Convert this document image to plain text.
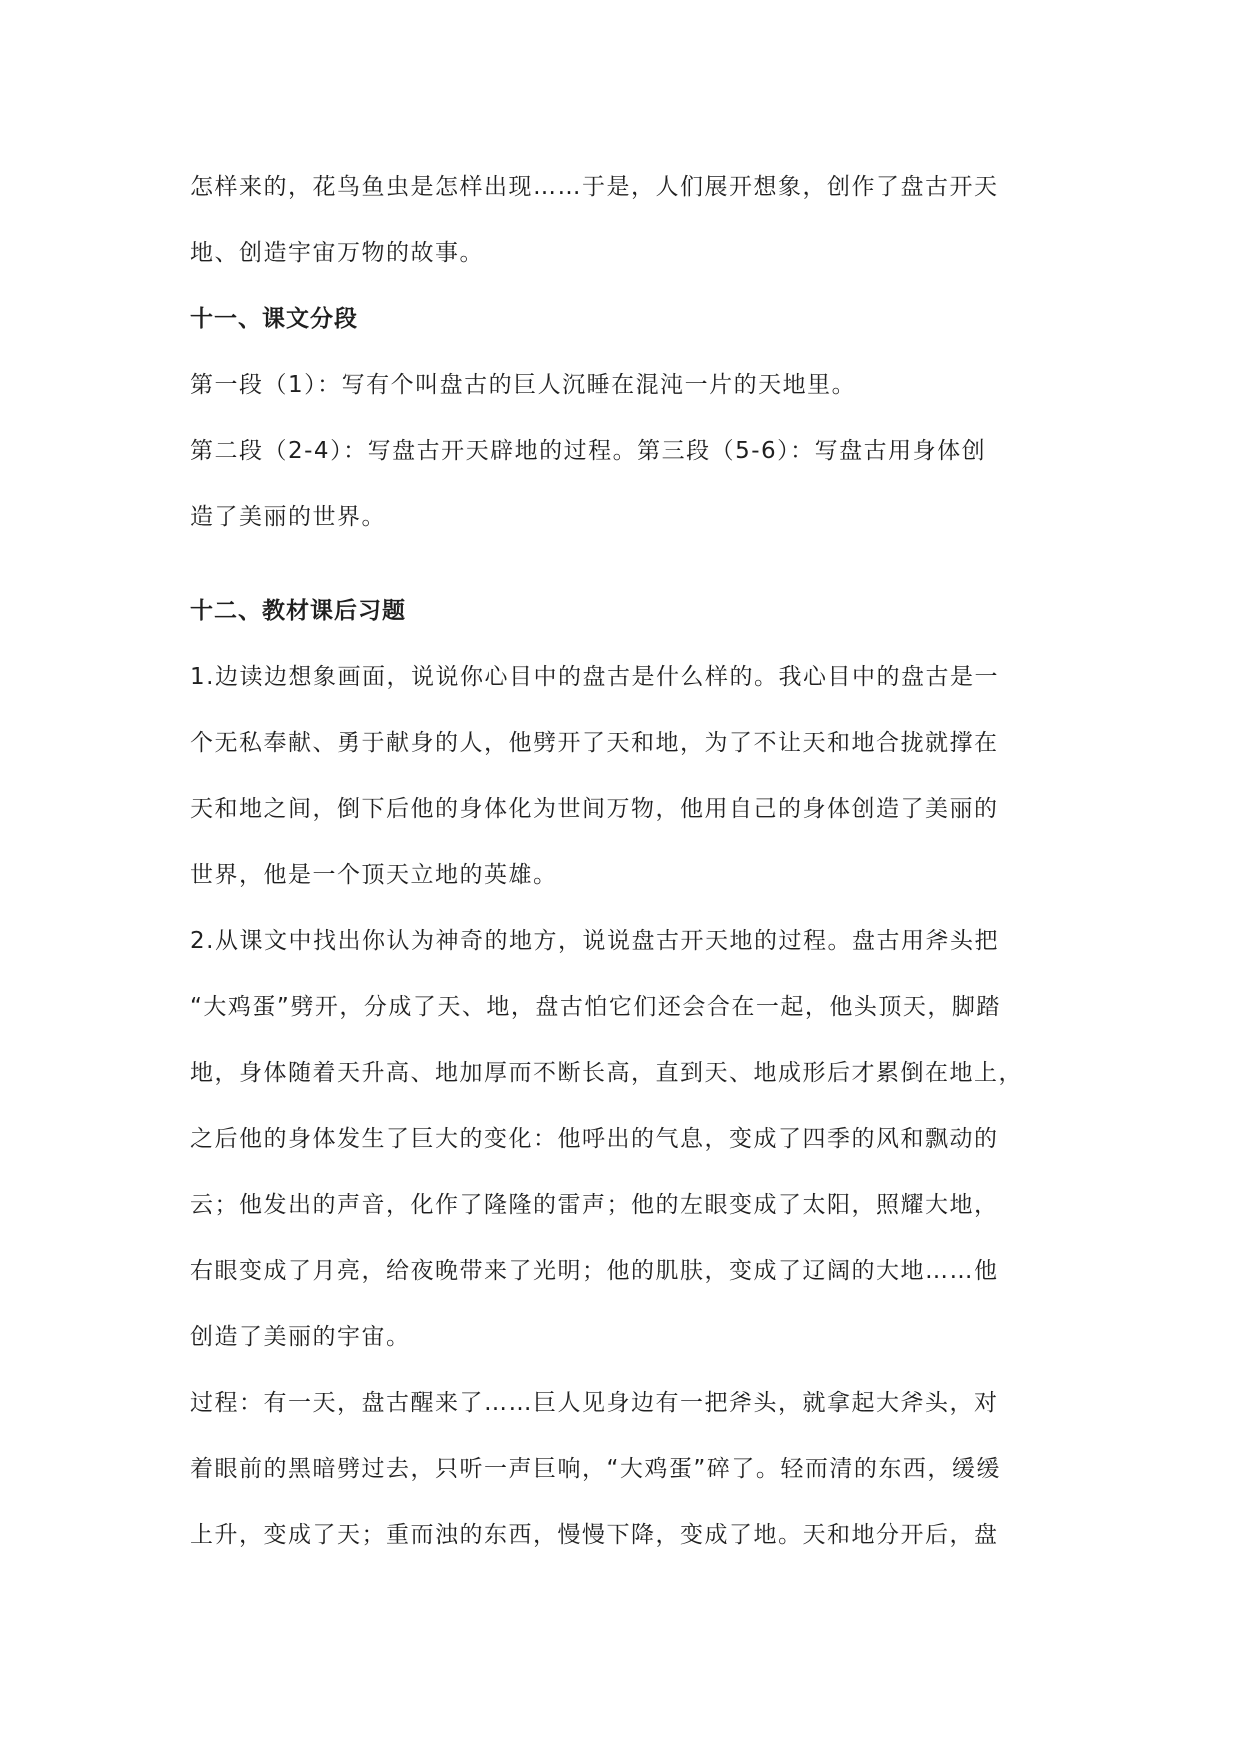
怎样来的，花鸟鱼虫是怎样出现……于是，人们展开想象，创作了盘古开天
地、创造宇宙万物的故事。
十一、课文分段
第一段（1）：写有个叫盘古的巨人沉睡在混沌一片的天地里。
第二段（2-4）：写盘古开天辟地的过程。第三段（5-6）：写盘古用身体创
造了美丽的世界。
十二、教材课后习题
1.边读边想象画面，说说你心目中的盘古是什么样的。我心目中的盘古是一
个无私奉献、勇于献身的人，他劈开了天和地，为了不让天和地合拢就撑在
天和地之间，倒下后他的身体化为世间万物，他用自己的身体创造了美丽的
世界，他是一个顶天立地的英雄。
2.从课文中找出你认为神奇的地方，说说盘古开天地的过程。盘古用斧头把
“大鸡蛋”劈开，分成了天、地，盘古怕它们还会合在一起，他头顶天，脚踏
地，身体随着天升高、地加厚而不断长高，直到天、地成形后才累倒在地上，
之后他的身体发生了巨大的变化：他呼出的气息，变成了四季的风和飘动的
云；他发出的声音，化作了隆隆的雷声；他的左眼变成了太阳，照耀大地，
右眼变成了月亮，给夜晚带来了光明；他的肌肤，变成了辽阔的大地……他
创造了美丽的宇宙。
过程：有一天，盘古醒来了……巨人见身边有一把斧头，就拿起大斧头，对
着眼前的黑暗劈过去，只听一声巨响，“大鸡蛋”碎了。轻而清的东西，缓缓
上升，变成了天；重而浊的东西，慢慢下降，变成了地。天和地分开后，盘
